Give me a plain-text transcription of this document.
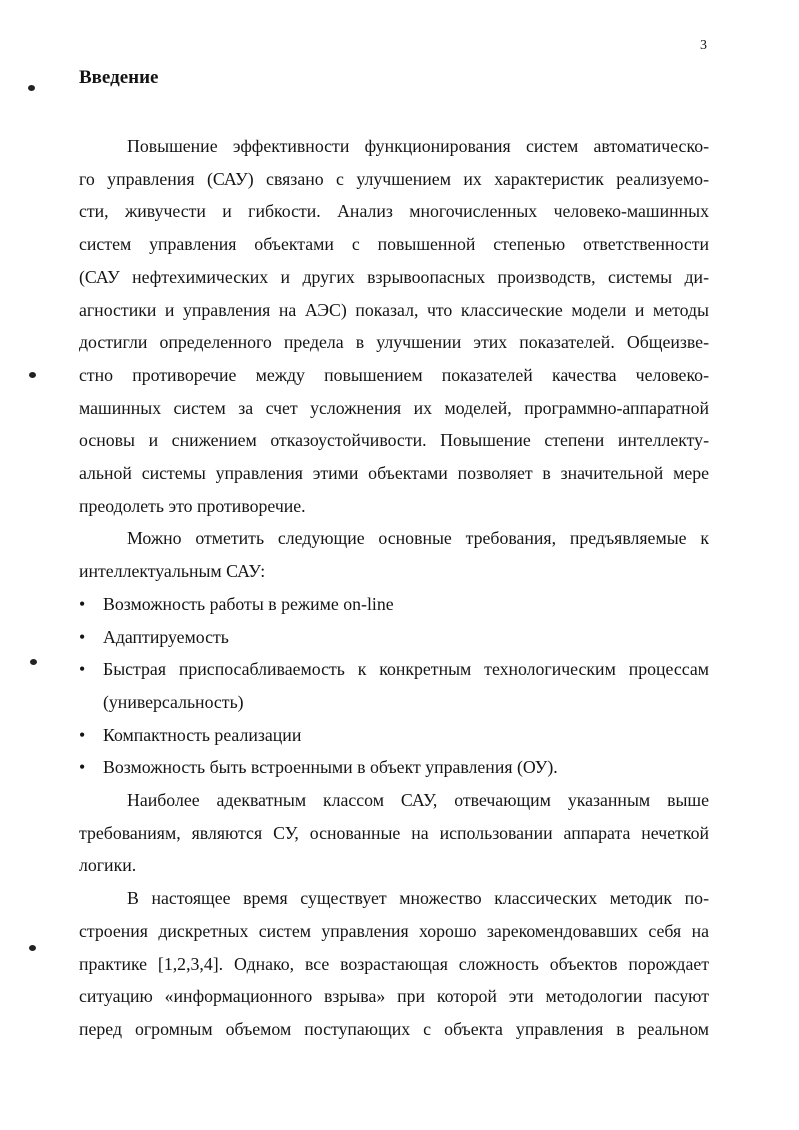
3
Введение
Повышение эффективности функционирования систем автоматическо-
го управления (САУ) связано с улучшением их характеристик реализуемо-
сти, живучести и гибкости. Анализ многочисленных человеко-машинных
систем управления объектами с повышенной степенью ответственности
(САУ нефтехимических и других взрывоопасных производств, системы ди-
агностики и управления на АЭС) показал, что классические модели и методы
достигли определенного предела в улучшении этих показателей. Общеизве-
стно противоречие между повышением показателей качества человеко-
машинных систем за счет усложнения их моделей, программно-аппаратной
основы и снижением отказоустойчивости. Повышение степени интеллекту-
альной системы управления этими объектами позволяет в значительной мере
преодолеть это противоречие.
Можно отметить следующие основные требования, предъявляемые к
интеллектуальным САУ:
• Возможность работы в режиме on-line
• Адаптируемость
• Быстрая приспосабливаемость к конкретным технологическим процессам
(универсальность)
• Компактность реализации
• Возможность быть встроенными в объект управления (ОУ).
Наиболее адекватным классом САУ, отвечающим указанным выше
требованиям, являются СУ, основанные на использовании аппарата нечеткой
логики.
В настоящее время существует множество классических методик по-
строения дискретных систем управления хорошо зарекомендовавших себя на
практике [1,2,3,4]. Однако, все возрастающая сложность объектов порождает
ситуацию «информационного взрыва» при которой эти методологии пасуют
перед огромным объемом поступающих с объекта управления в реальном
